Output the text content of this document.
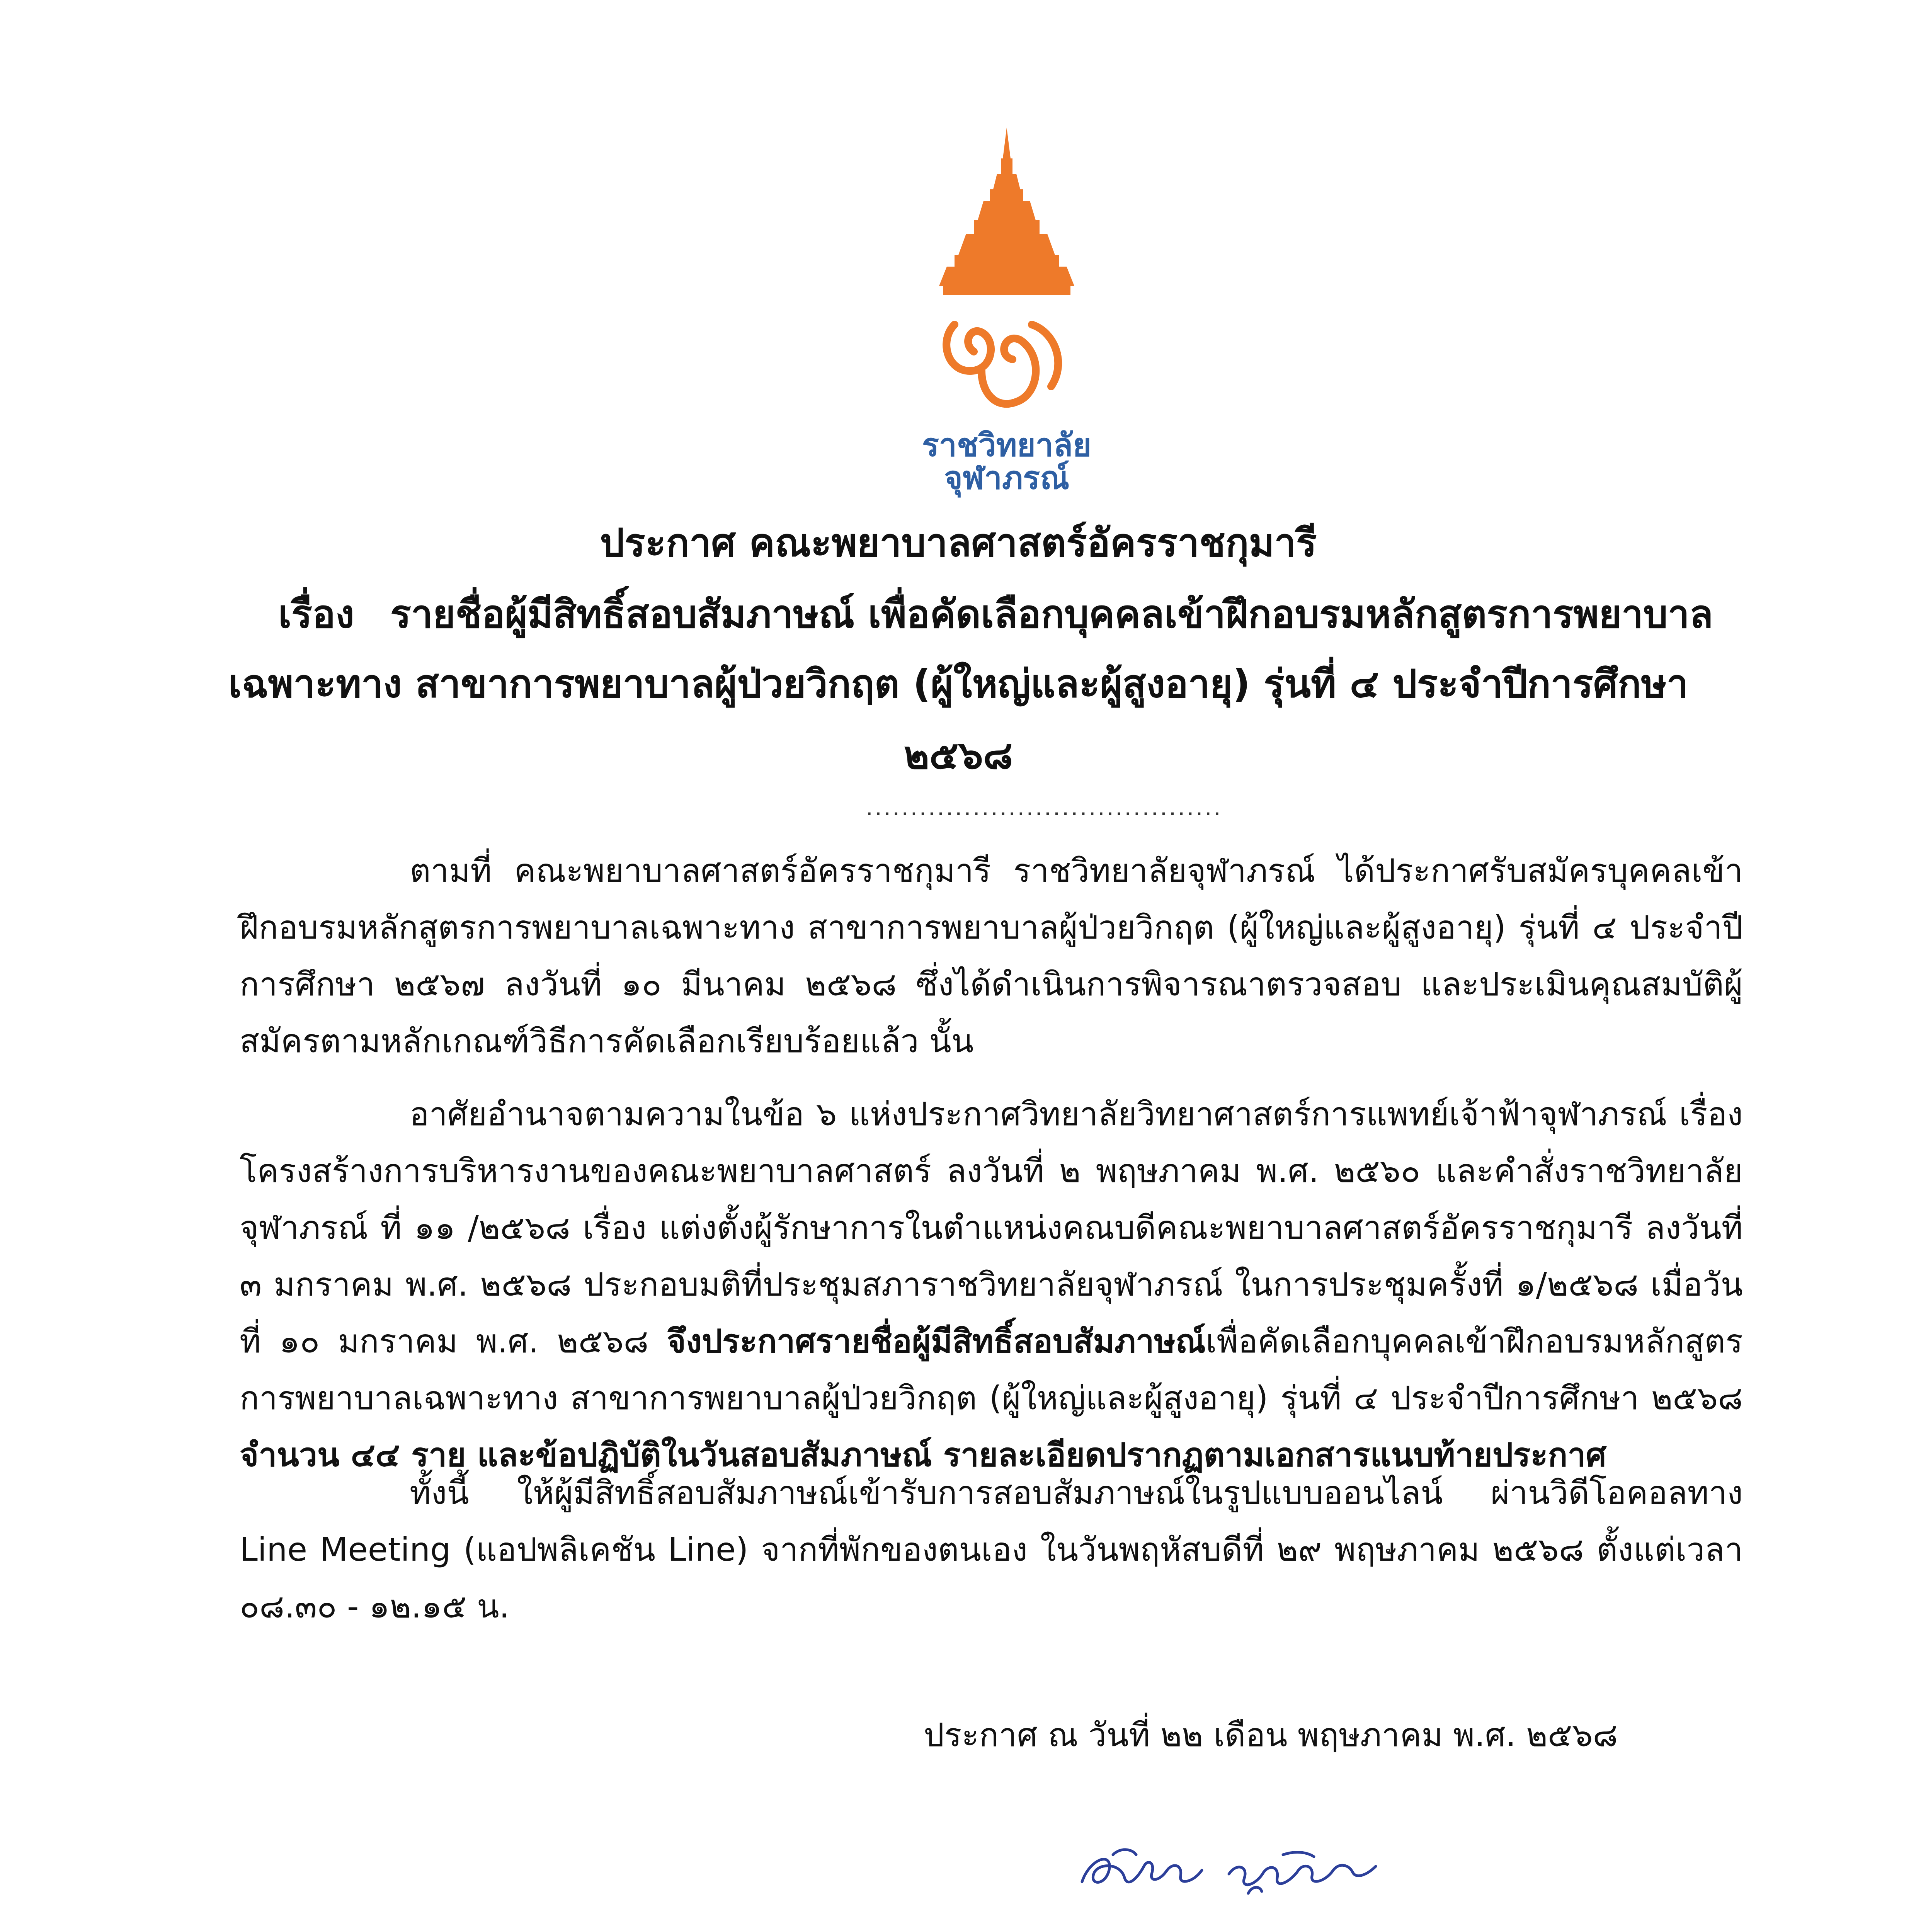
ราชวิทยาลัย
จุฬาภรณ์
ประกาศ คณะพยาบาลศาสตร์อัครราชกุมารี
เรื่อง รายชื่อผู้มีสิทธิ์สอบสัมภาษณ์ เพื่อคัดเลือกบุคคลเข้าฝึกอบรมหลักสูตรการพยาบาล
เฉพาะทาง สาขาการพยาบาลผู้ป่วยวิกฤต (ผู้ใหญ่และผู้สูงอายุ) รุ่นที่ ๔ ประจำปีการศึกษา
๒๕๖๘
........................................
ตามที่ คณะพยาบาลศาสตร์อัครราชกุมารี ราชวิทยาลัยจุฬาภรณ์ ได้ประกาศรับสมัครบุคคลเข้าฝึกอบรมหลักสูตรการพยาบาลเฉพาะทาง สาขาการพยาบาลผู้ป่วยวิกฤต (ผู้ใหญ่และผู้สูงอายุ) รุ่นที่ ๔ ประจำปีการศึกษา ๒๕๖๗ ลงวันที่ ๑๐ มีนาคม ๒๕๖๘ ซึ่งได้ดำเนินการพิจารณาตรวจสอบ และประเมินคุณสมบัติผู้สมัครตามหลักเกณฑ์วิธีการคัดเลือกเรียบร้อยแล้ว นั้น
อาศัยอำนาจตามความในข้อ ๖ แห่งประกาศวิทยาลัยวิทยาศาสตร์การแพทย์เจ้าฟ้าจุฬาภรณ์ เรื่อง โครงสร้างการบริหารงานของคณะพยาบาลศาสตร์ ลงวันที่ ๒ พฤษภาคม พ.ศ. ๒๕๖๐ และคำสั่งราชวิทยาลัยจุฬาภรณ์ ที่ ๑๑ /๒๕๖๘ เรื่อง แต่งตั้งผู้รักษาการในตำแหน่งคณบดีคณะพยาบาลศาสตร์อัครราชกุมารี ลงวันที่ ๓ มกราคม พ.ศ. ๒๕๖๘ ประกอบมติที่ประชุมสภาราชวิทยาลัยจุฬาภรณ์ ในการประชุมครั้งที่ ๑/๒๕๖๘ เมื่อวันที่ ๑๐ มกราคม พ.ศ. ๒๕๖๘ จึงประกาศรายชื่อผู้มีสิทธิ์สอบสัมภาษณ์เพื่อคัดเลือกบุคคลเข้าฝึกอบรมหลักสูตรการพยาบาลเฉพาะทาง สาขาการพยาบาลผู้ป่วยวิกฤต (ผู้ใหญ่และผู้สูงอายุ) รุ่นที่ ๔ ประจำปีการศึกษา ๒๕๖๘ จำนวน ๔๔ ราย และข้อปฏิบัติในวันสอบสัมภาษณ์ รายละเอียดปรากฏตามเอกสารแนบท้ายประกาศ
ทั้งนี้ ให้ผู้มีสิทธิ์สอบสัมภาษณ์เข้ารับการสอบสัมภาษณ์ในรูปแบบออนไลน์ ผ่านวิดีโอคอลทาง Line Meeting (แอปพลิเคชัน Line) จากที่พักของตนเอง ในวันพฤหัสบดีที่ ๒๙ พฤษภาคม ๒๕๖๘ ตั้งแต่เวลา ๐๘.๓๐ - ๑๒.๑๕ น.
ประกาศ ณ วันที่ ๒๒ เดือน พฤษภาคม พ.ศ. ๒๕๖๘
